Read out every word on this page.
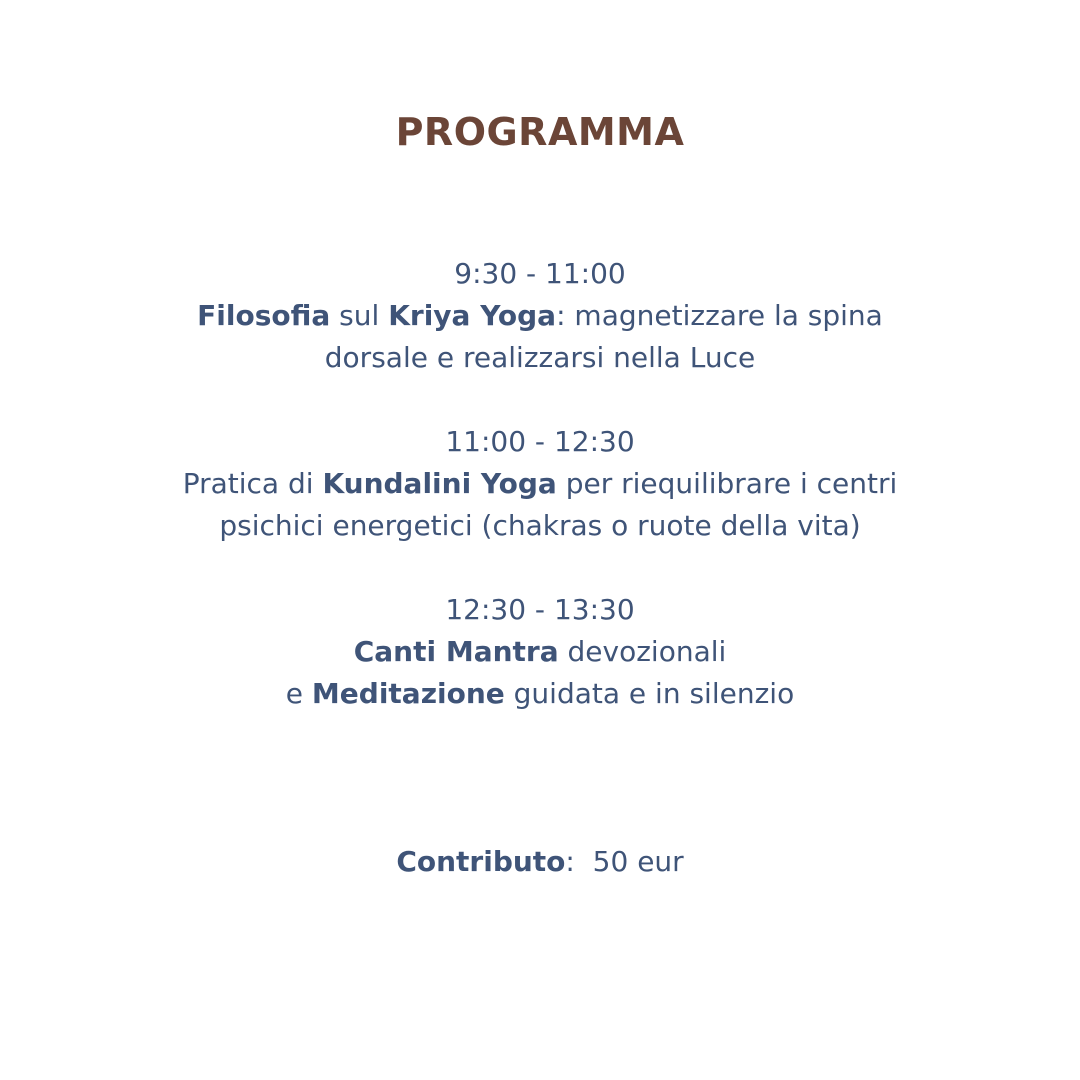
PROGRAMMA

9:30 - 11:00

Filosofia sul Kriya Yoga: magnetizzare la spina

dorsale e realizzarsi nella Luce

11:00 - 12:30

Pratica di Kundalini Yoga per riequilibrare i centri

psichici energetici (chakras o ruote della vita)

12:30 - 13:30

Canti Mantra devozionali

e Meditazione guidata e in silenzio

Contributo: 50 eur
